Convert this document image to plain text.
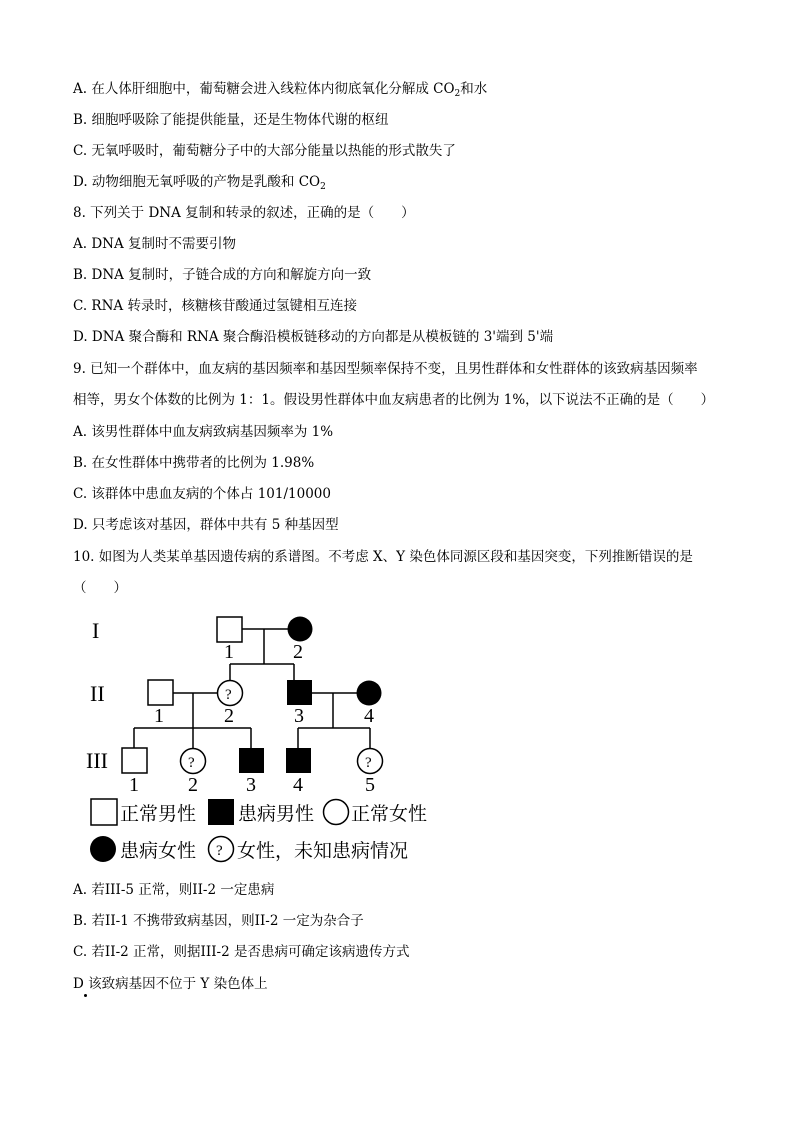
A. 在人体肝细胞中，葡萄糖会进入线粒体内彻底氧化分解成 $CO_2$和水
B. 细胞呼吸除了能提供能量，还是生物体代谢的枢纽
C. 无氧呼吸时，葡萄糖分子中的大部分能量以热能的形式散失了
D. 动物细胞无氧呼吸的产物是乳酸和 $CO_2$
8. 下列关于 DNA 复制和转录的叙述，正确的是（　　）
A. DNA 复制时不需要引物
B. DNA 复制时，子链合成的方向和解旋方向一致
C. RNA 转录时，核糖核苷酸通过氢键相互连接
D. DNA 聚合酶和 RNA 聚合酶沿模板链移动的方向都是从模板链的 3'端到 5'端
9. 已知一个群体中，血友病的基因频率和基因型频率保持不变，且男性群体和女性群体的该致病基因频率
相等，男女个体数的比例为 1：1。假设男性群体中血友病患者的比例为 1%，以下说法不正确的是（　　）
A. 该男性群体中血友病致病基因频率为 1%
B. 在女性群体中携带者的比例为 1.98%
C. 该群体中患血友病的个体占 101/10000
D. 只考虑该对基因，群体中共有 5 种基因型
10. 如图为人类某单基因遗传病的系谱图。不考虑 X、Y 染色体同源区段和基因突变，下列推断错误的是
（　　）
I
II
III
1	2
?
1	2	3	4
?	?
1 2 3 4	5
正常男性 患病男性 正常女性
患病女性 ? 女性，未知患病情况
A. 若III-5 正常，则II-2 一定患病
B. 若II-1 不携带致病基因，则II-2 一定为杂合子
C. 若II-2 正常，则据III-2 是否患病可确定该病遗传方式
D 该致病基因不位于 Y 染色体上
